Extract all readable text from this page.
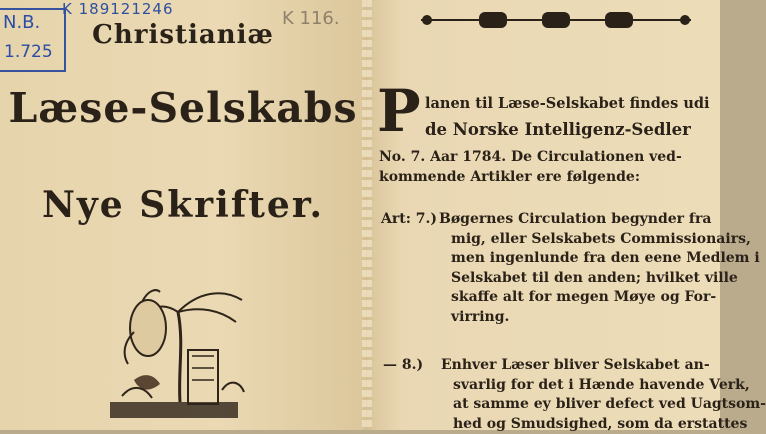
N.B.
1.725
K 189121246	K 116.
Christianiæ
Læse-Selskabs
Nye Skrifter.
P lanen til Læse-Selskabet findes udi
de Norske Intelligenz-Sedler
No. 7. Aar 1784. De Circulationen ved-
kommende Artikler ere følgende:
Art: 7.) Bøgernes Circulation begynder fra
mig, eller Selskabets Commissionairs,
men ingenlunde fra den eene Medlem i
Selskabet til den anden; hvilket ville
skaffe alt for megen Møye og For-
virring.
— 8.) Enhver Læser bliver Selskabet an-
svarlig for det i Hænde havende Verk,
at samme ey bliver defect ved Uagtsom-
hed og Smudsighed, som da erstattes
